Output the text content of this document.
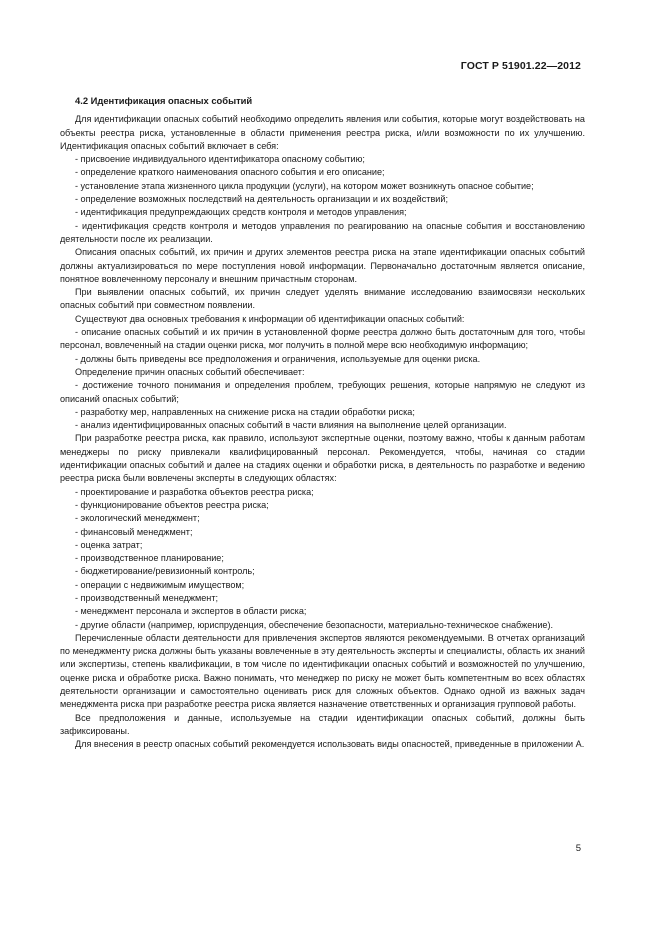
ГОСТ Р 51901.22—2012
4.2 Идентификация опасных событий

Для идентификации опасных событий необходимо определить явления или события, которые могут воздействовать на объекты реестра риска, установленные в области применения реестра риска, и/или возможности по их улучшению. Идентификация опасных событий включает в себя:

- присвоение индивидуального идентификатора опасному событию;

- определение краткого наименования опасного события и его описание;

- установление этапа жизненного цикла продукции (услуги), на котором может возникнуть опасное событие;

- определение возможных последствий на деятельность организации и их воздействий;

- идентификация предупреждающих средств контроля и методов управления;

- идентификация средств контроля и методов управления по реагированию на опасные события и восстановлению деятельности после их реализации.

Описания опасных событий, их причин и других элементов реестра риска на этапе идентификации опасных событий должны актуализироваться по мере поступления новой информации. Первоначально достаточным является описание, понятное вовлеченному персоналу и внешним причастным сторонам.

При выявлении опасных событий, их причин следует уделять внимание исследованию взаимосвязи нескольких опасных событий при совместном появлении.

Существуют два основных требования к информации об идентификации опасных событий:

- описание опасных событий и их причин в установленной форме реестра должно быть достаточным для того, чтобы персонал, вовлеченный на стадии оценки риска, мог получить в полной мере всю необходимую информацию;

- должны быть приведены все предположения и ограничения, используемые для оценки риска.

Определение причин опасных событий обеспечивает:

- достижение точного понимания и определения проблем, требующих решения, которые напрямую не следуют из описаний опасных событий;

- разработку мер, направленных на снижение риска на стадии обработки риска;

- анализ идентифицированных опасных событий в части влияния на выполнение целей организации.

При разработке реестра риска, как правило, используют экспертные оценки, поэтому важно, чтобы к данным работам менеджеры по риску привлекали квалифицированный персонал. Рекомендуется, чтобы, начиная со стадии идентификации опасных событий и далее на стадиях оценки и обработки риска, в деятельность по разработке и ведению реестра риска были вовлечены эксперты в следующих областях:

- проектирование и разработка объектов реестра риска;

- функционирование объектов реестра риска;

- экологический менеджмент;

- финансовый менеджмент;

- оценка затрат;

- производственное планирование;

- бюджетирование/ревизионный контроль;

- операции с недвижимым имуществом;

- производственный менеджмент;

- менеджмент персонала и экспертов в области риска;

- другие области (например, юриспруденция, обеспечение безопасности, материально-техническое снабжение).

Перечисленные области деятельности для привлечения экспертов являются рекомендуемыми. В отчетах организаций по менеджменту риска должны быть указаны вовлеченные в эту деятельность эксперты и специалисты, область их знаний или экспертизы, степень квалификации, в том числе по идентификации опасных событий и возможностей по улучшению, оценке риска и обработке риска. Важно понимать, что менеджер по риску не может быть компетентным во всех областях деятельности организации и самостоятельно оценивать риск для сложных объектов. Однако одной из важных задач менеджмента риска при разработке реестра риска является назначение ответственных и организация групповой работы.

Все предположения и данные, используемые на стадии идентификации опасных событий, должны быть зафиксированы.

Для внесения в реестр опасных событий рекомендуется использовать виды опасностей, приведенные в приложении А.

5
